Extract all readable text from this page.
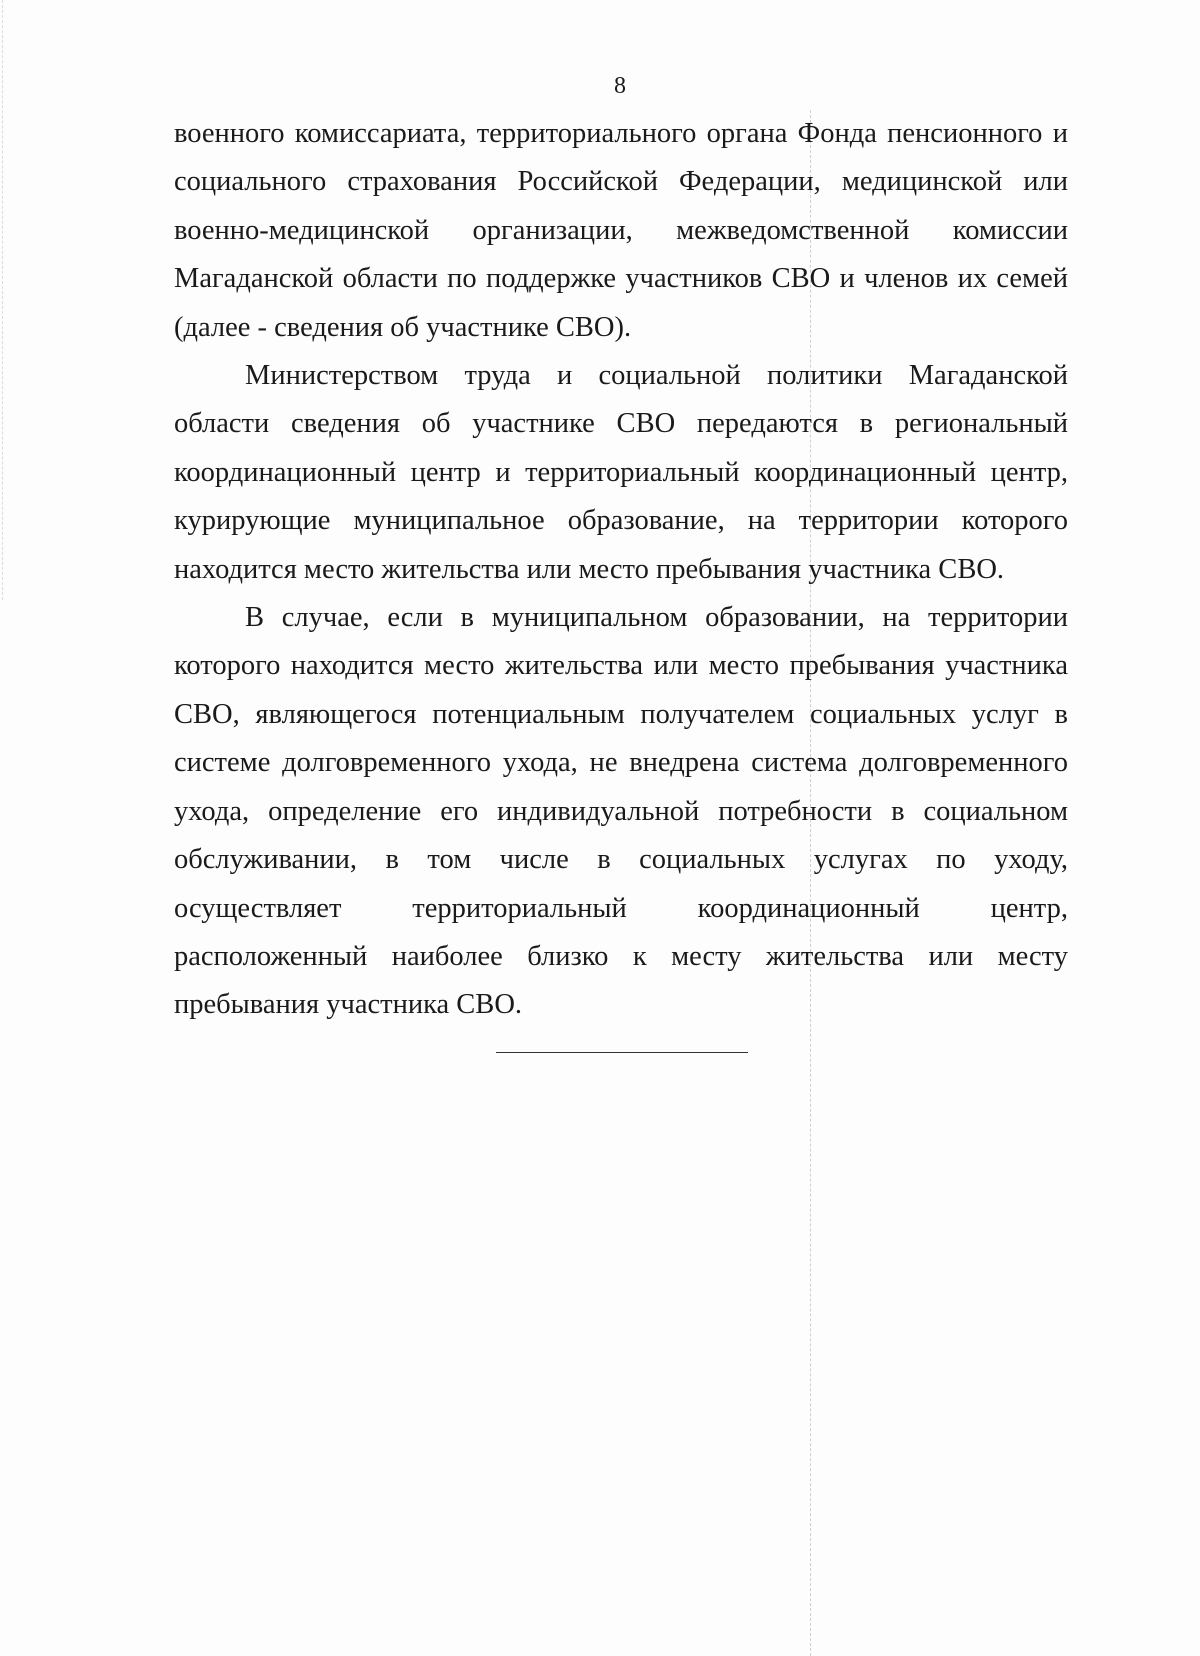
8

военного комиссариата, территориального органа Фонда пенсионного и социального страхования Российской Федерации, медицинской или военно-медицинской организации, межведомственной комиссии Магаданской области по поддержке участников СВО и членов их семей (далее - сведения об участнике СВО).

Министерством труда и социальной политики Магаданской области сведения об участнике СВО передаются в региональный координационный центр и территориальный координационный центр, курирующие муниципальное образование, на территории которого находится место жительства или место пребывания участника СВО.

В случае, если в муниципальном образовании, на территории которого находится место жительства или место пребывания участника СВО, являющегося потенциальным получателем социальных услуг в системе долговременного ухода, не внедрена система долговременного ухода, определение его индивидуальной потребности в социальном обслуживании, в том числе в социальных услугах по уходу, осуществляет территориальный координационный центр, расположенный наиболее близко к месту жительства или месту пребывания участника СВО.
